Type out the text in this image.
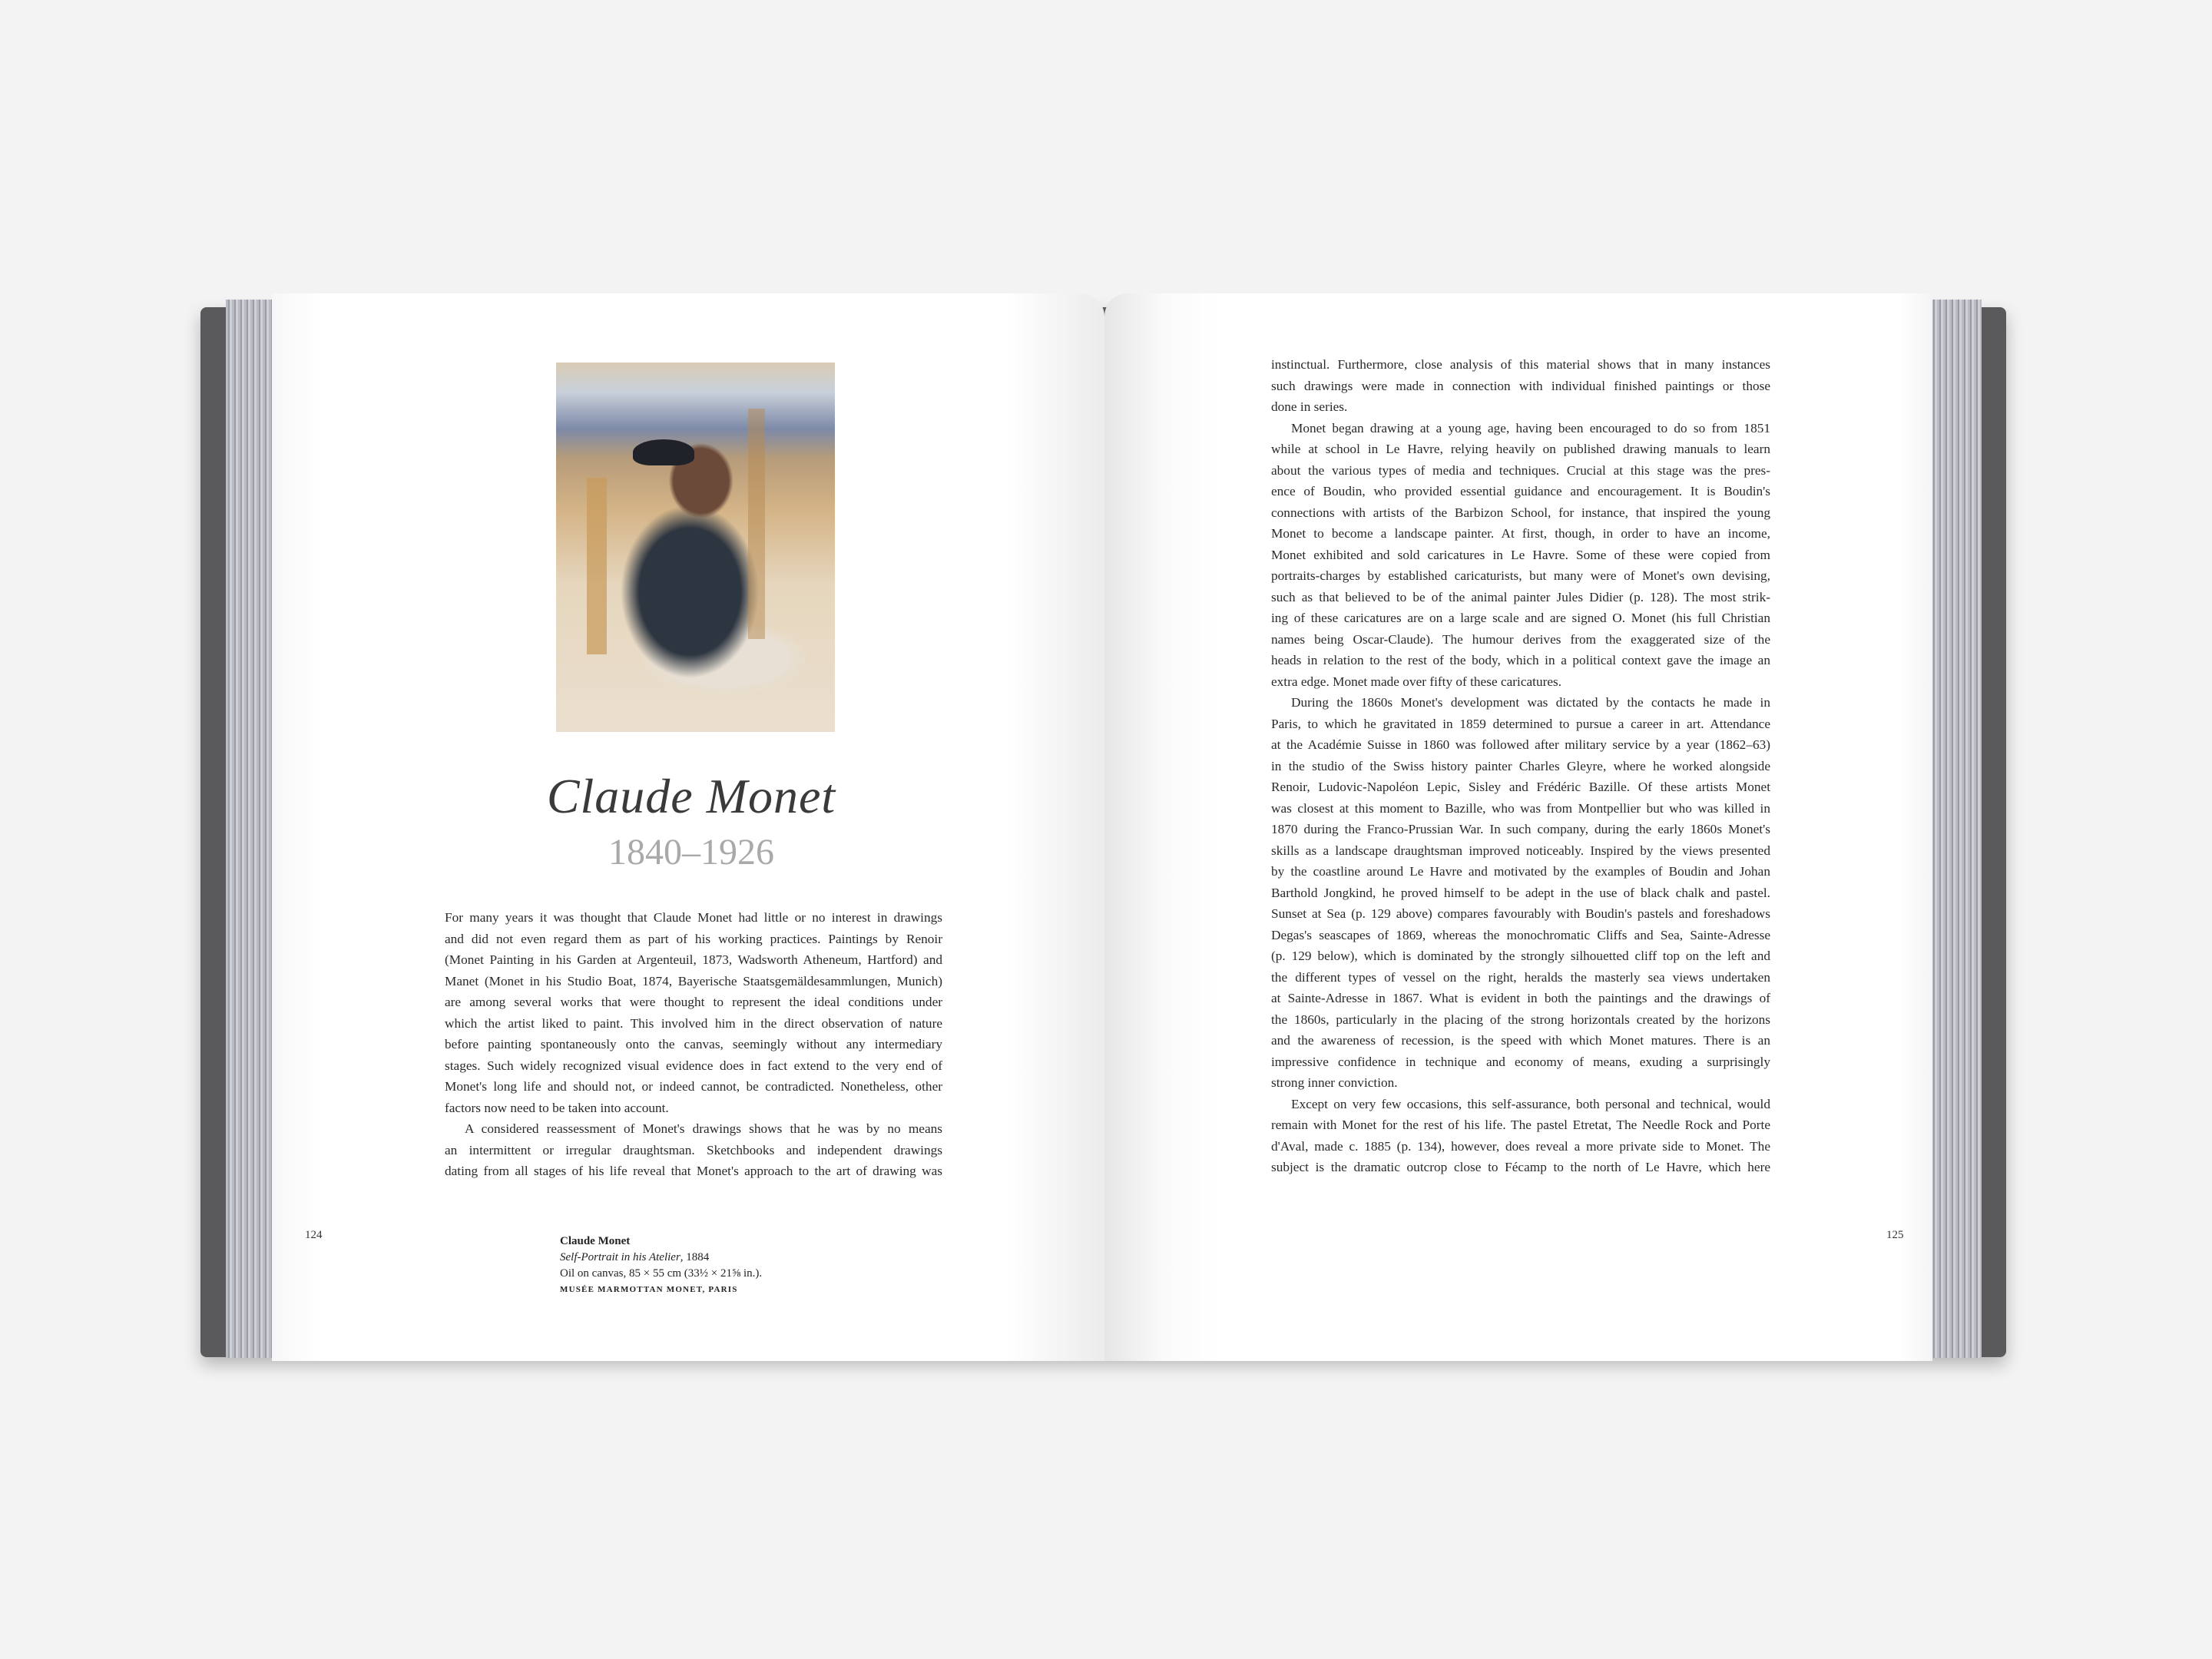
Claude Monet
1840–1926
For many years it was thought that Claude Monet had little or no interest in drawings
and did not even regard them as part of his working practices. Paintings by Renoir
(Monet Painting in his Garden at Argenteuil, 1873, Wadsworth Atheneum, Hartford) and
Manet (Monet in his Studio Boat, 1874, Bayerische Staatsgemäldesammlungen, Munich)
are among several works that were thought to represent the ideal conditions under
which the artist liked to paint. This involved him in the direct observation of nature
before painting spontaneously onto the canvas, seemingly without any intermediary
stages. Such widely recognized visual evidence does in fact extend to the very end of
Monet's long life and should not, or indeed cannot, be contradicted. Nonetheless, other
factors now need to be taken into account.
A considered reassessment of Monet's drawings shows that he was by no means
an intermittent or irregular draughtsman. Sketchbooks and independent drawings
dating from all stages of his life reveal that Monet's approach to the art of drawing was
instinctual. Furthermore, close analysis of this material shows that in many instances
such drawings were made in connection with individual finished paintings or those
done in series.
Monet began drawing at a young age, having been encouraged to do so from 1851
while at school in Le Havre, relying heavily on published drawing manuals to learn
about the various types of media and techniques. Crucial at this stage was the pres-
ence of Boudin, who provided essential guidance and encouragement. It is Boudin's
connections with artists of the Barbizon School, for instance, that inspired the young
Monet to become a landscape painter. At first, though, in order to have an income,
Monet exhibited and sold caricatures in Le Havre. Some of these were copied from
portraits-charges by established caricaturists, but many were of Monet's own devising,
such as that believed to be of the animal painter Jules Didier (p. 128). The most strik-
ing of these caricatures are on a large scale and are signed O. Monet (his full Christian
names being Oscar-Claude). The humour derives from the exaggerated size of the
heads in relation to the rest of the body, which in a political context gave the image an
extra edge. Monet made over fifty of these caricatures.
During the 1860s Monet's development was dictated by the contacts he made in
Paris, to which he gravitated in 1859 determined to pursue a career in art. Attendance
at the Académie Suisse in 1860 was followed after military service by a year (1862–63)
in the studio of the Swiss history painter Charles Gleyre, where he worked alongside
Renoir, Ludovic-Napoléon Lepic, Sisley and Frédéric Bazille. Of these artists Monet
was closest at this moment to Bazille, who was from Montpellier but who was killed in
1870 during the Franco-Prussian War. In such company, during the early 1860s Monet's
skills as a landscape draughtsman improved noticeably. Inspired by the views presented
by the coastline around Le Havre and motivated by the examples of Boudin and Johan
Barthold Jongkind, he proved himself to be adept in the use of black chalk and pastel.
Sunset at Sea (p. 129 above) compares favourably with Boudin's pastels and foreshadows
Degas's seascapes of 1869, whereas the monochromatic Cliffs and Sea, Sainte-Adresse
(p. 129 below), which is dominated by the strongly silhouetted cliff top on the left and
the different types of vessel on the right, heralds the masterly sea views undertaken
at Sainte-Adresse in 1867. What is evident in both the paintings and the drawings of
the 1860s, particularly in the placing of the strong horizontals created by the horizons
and the awareness of recession, is the speed with which Monet matures. There is an
impressive confidence in technique and economy of means, exuding a surprisingly
strong inner conviction.
Except on very few occasions, this self-assurance, both personal and technical, would
remain with Monet for the rest of his life. The pastel Etretat, The Needle Rock and Porte
d'Aval, made c. 1885 (p. 134), however, does reveal a more private side to Monet. The
subject is the dramatic outcrop close to Fécamp to the north of Le Havre, which here
124	125
Claude Monet
Self-Portrait in his Atelier, 1884
Oil on canvas, 85 × 55 cm (33½ × 21⅝ in.).
MUSÉE MARMOTTAN MONET, PARIS
